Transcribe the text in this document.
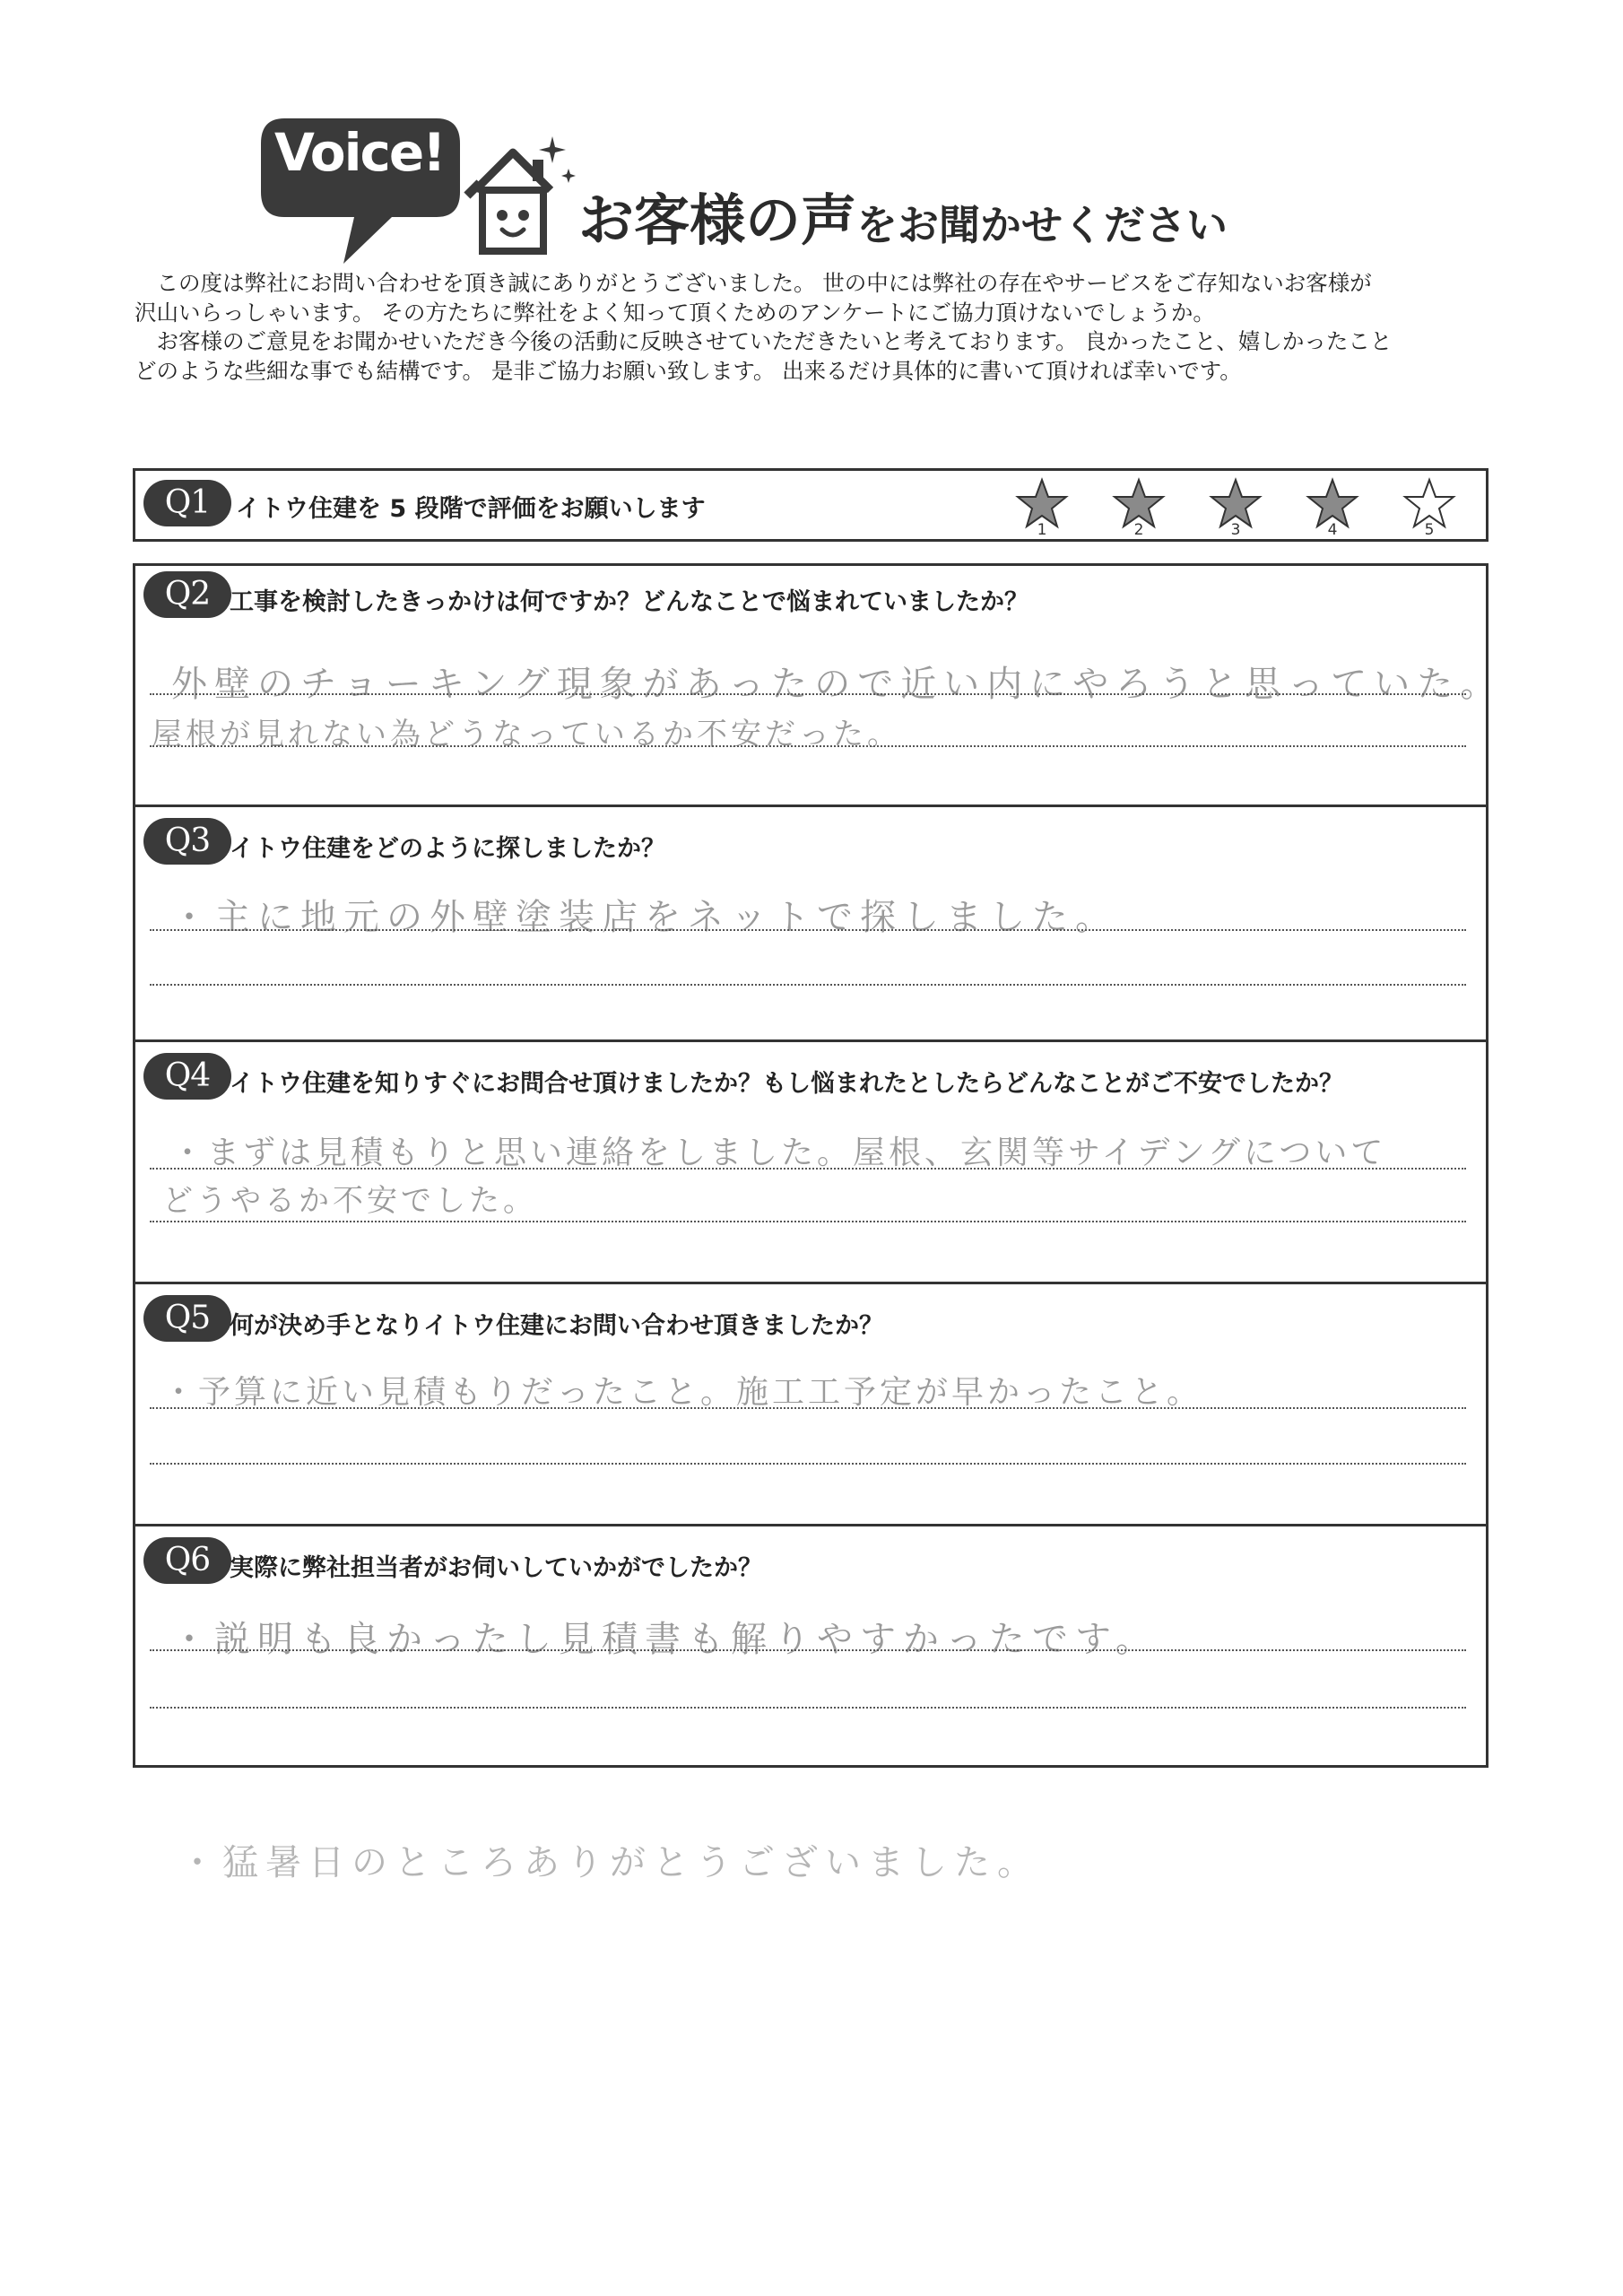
Voice!
お客様の声をお聞かせください

　この度は弊社にお問い合わせを頂き誠にありがとうございました。 世の中には弊社の存在やサービスをご存知ないお客様が

沢山いらっしゃいます。 その方たちに弊社をよく知って頂くためのアンケートにご協力頂けないでしょうか。

　お客様のご意見をお聞かせいただき今後の活動に反映させていただきたいと考えております。 良かったこと、嬉しかったこと

どのような些細な事でも結構です。 是非ご協力お願い致します。 出来るだけ具体的に書いて頂ければ幸いです。

Q1	イトウ住建を 5 段階で評価をお願いします
1	2	3	4	5
Q2 工事を検討したきっかけは何ですか？どんなことで悩まれていましたか？
外壁のチョーキング現象があったので近い内にやろうと思っていた。
屋根が見れない為どうなっているか不安だった。
Q3 イトウ住建をどのように探しましたか？
・主に地元の外壁塗装店をネットで探しました。
Q4 イトウ住建を知りすぐにお問合せ頂けましたか？もし悩まれたとしたらどんなことがご不安でしたか？
・まずは見積もりと思い連絡をしました。屋根、玄関等サイデングについて
どうやるか不安でした。
Q5 何が決め手となりイトウ住建にお問い合わせ頂きましたか？
・予算に近い見積もりだったこと。施工工予定が早かったこと。
Q6 実際に弊社担当者がお伺いしていかがでしたか？
・説明も良かったし見積書も解りやすかったです。
・猛暑日のところありがとうございました。
